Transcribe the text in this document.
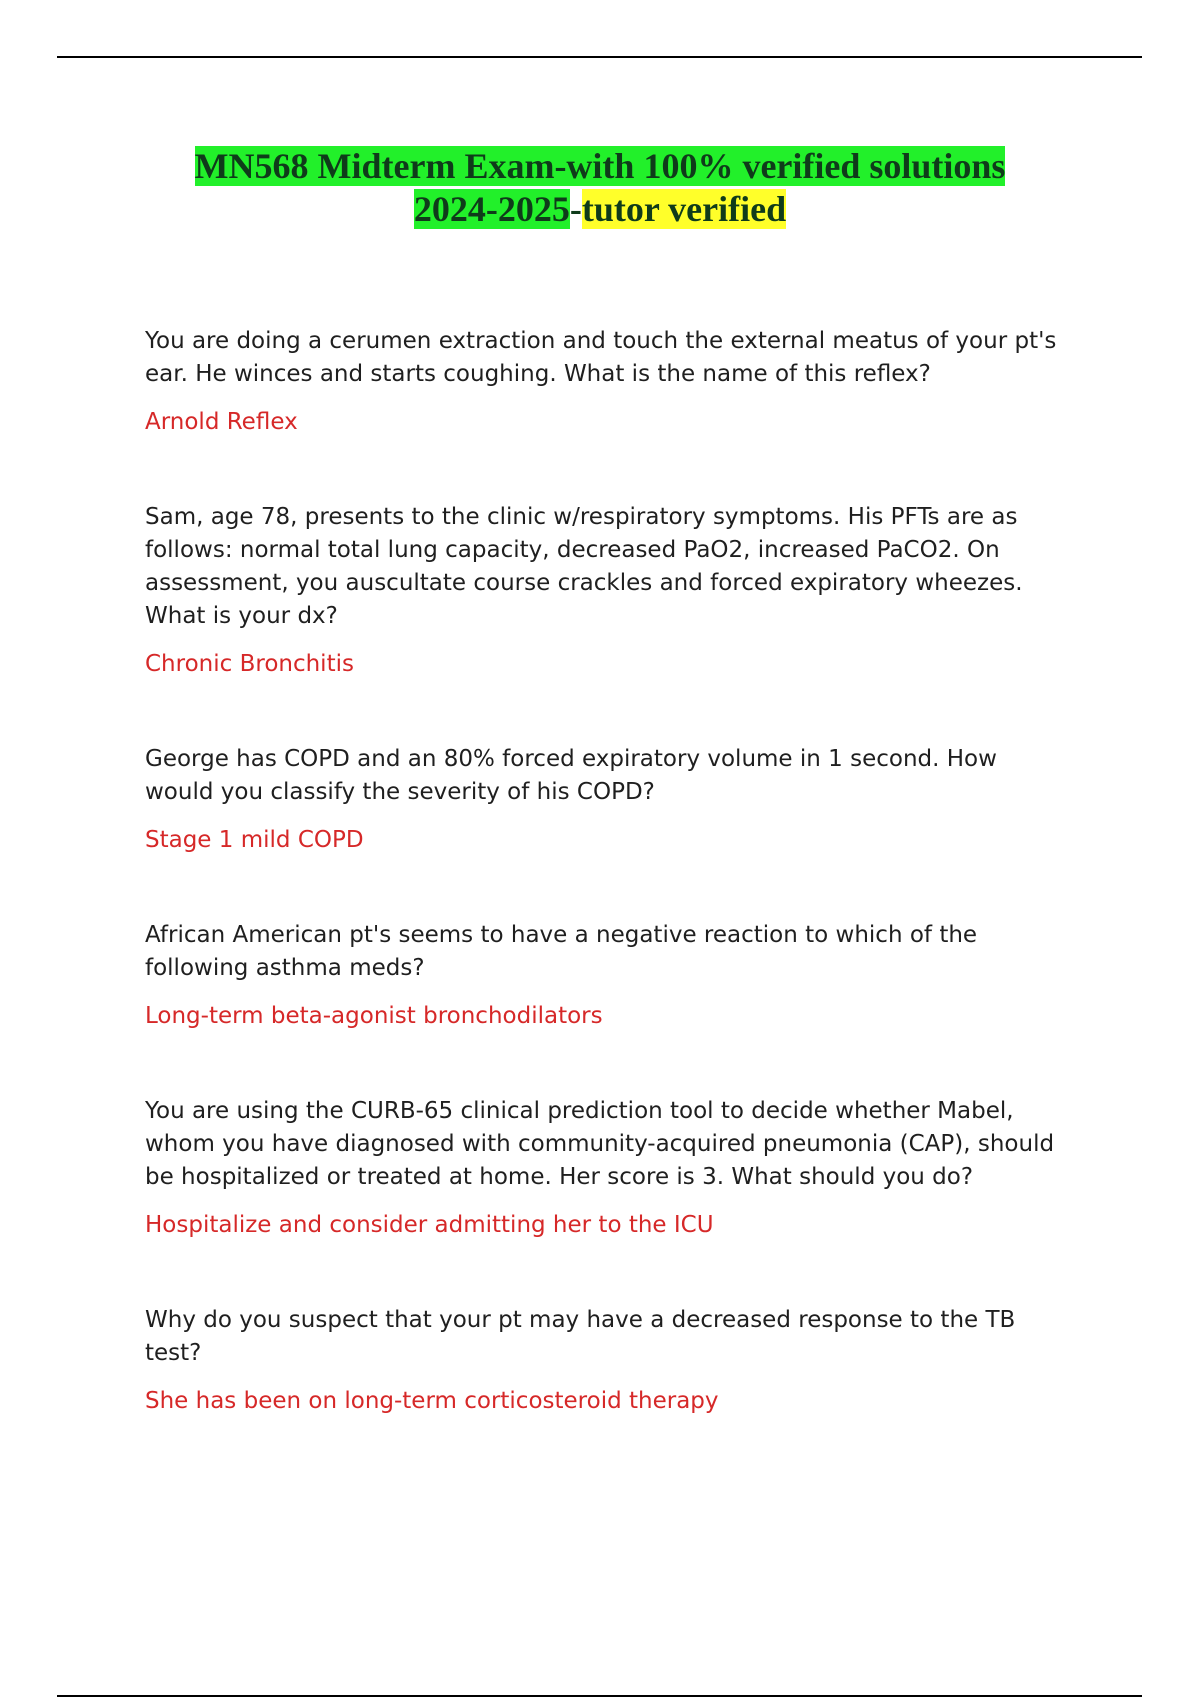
MN568 Midterm Exam-with 100% verified solutions
2024-2025-tutor verified

You are doing a cerumen extraction and touch the external meatus of your pt's ear. He winces and starts coughing. What is the name of this reflex?

Arnold Reflex

Sam, age 78, presents to the clinic w/respiratory symptoms. His PFTs are as follows: normal total lung capacity, decreased PaO2, increased PaCO2. On assessment, you auscultate course crackles and forced expiratory wheezes. What is your dx?

Chronic Bronchitis

George has COPD and an 80% forced expiratory volume in 1 second. How would you classify the severity of his COPD?

Stage 1 mild COPD

African American pt's seems to have a negative reaction to which of the following asthma meds?

Long-term beta-agonist bronchodilators

You are using the CURB-65 clinical prediction tool to decide whether Mabel, whom you have diagnosed with community-acquired pneumonia (CAP), should be hospitalized or treated at home. Her score is 3. What should you do?

Hospitalize and consider admitting her to the ICU

Why do you suspect that your pt may have a decreased response to the TB test?

She has been on long-term corticosteroid therapy
